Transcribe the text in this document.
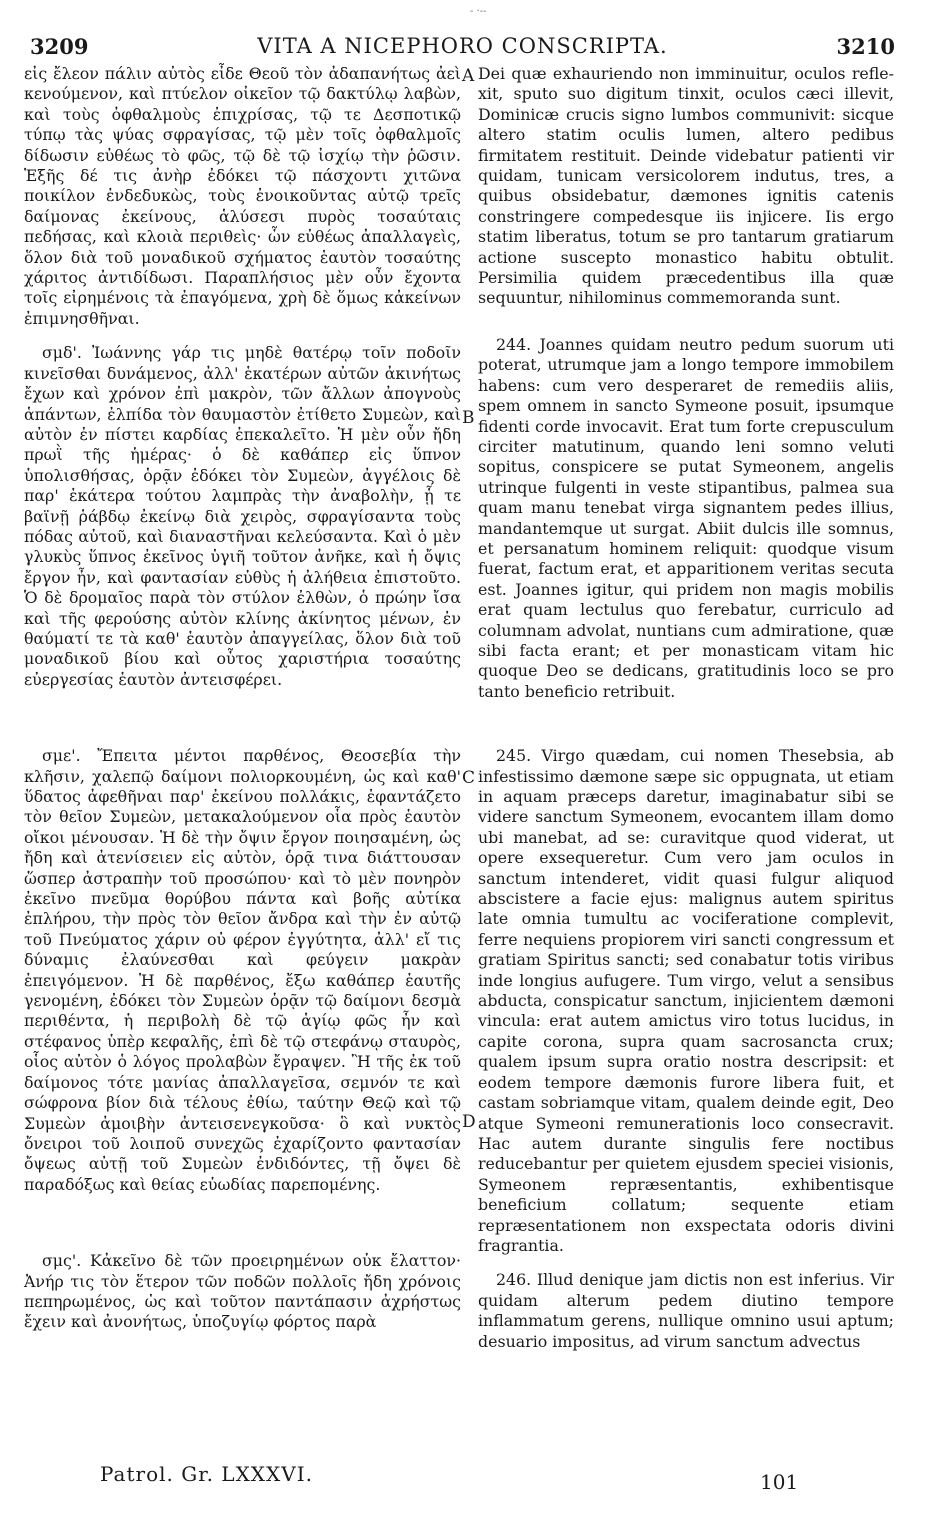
- ·--
3209	VITA A NICEPHORO CONSCRIPTA.	3210

εἰς ἔλεον πάλιν αὐτὸς εἶδε Θεοῦ τὸν ἀδαπανήτως ἀεὶ κενούμενον, καὶ πτύελον οἰκεῖον τῷ δακτύλῳ λαβὼν, καὶ τοὺς ὀφθαλμοὺς ἐπιχρίσας, τῷ τε Δεσποτικῷ τύπῳ τὰς ψύας σφραγίσας, τῷ μὲν τοῖς ὀφθαλμοῖς δίδωσιν εὐθέως τὸ φῶς, τῷ δὲ τῷ ἰσχίῳ τὴν ῥῶσιν. Ἑξῆς δέ τις ἀνὴρ ἐδόκει τῷ πάσχοντι χιτῶνα ποικίλον ἐνδεδυκὼς, τοὺς ἐνοικοῦντας αὐτῷ τρεῖς δαίμονας ἐκείνους, ἁλύσεσι πυρὸς τοσαύταις πεδήσας, καὶ κλοιὰ περιθεὶς· ὧν εὐθέως ἀπαλλαγεὶς, ὅλον διὰ τοῦ μοναδικοῦ σχήματος ἑαυτὸν τοσαύτης χάριτος ἀντιδίδωσι. Παραπλήσιος μὲν οὖν ἔχοντα τοῖς εἰρημένοις τὰ ἐπαγόμενα, χρὴ δὲ ὅμως κἀκείνων ἐπιμνησθῆναι.

σμδ'. Ἰωάννης γάρ τις μηδὲ θατέρῳ τοῖν ποδοῖν κινεῖσθαι δυνάμενος, ἀλλ' ἑκατέρων αὐτῶν ἀκινήτως ἔχων καὶ χρόνον ἐπὶ μακρὸν, τῶν ἄλλων ἀπογνοὺς ἁπάντων, ἐλπίδα τὸν θαυμαστὸν ἐτίθετο Συμεὼν, καὶ αὐτὸν ἐν πίστει καρδίας ἐπεκαλεῖτο. Ἡ μὲν οὖν ἤδη πρωῒ τῆς ἡμέρας· ὁ δὲ καθάπερ εἰς ὕπνον ὑπολισθήσας, ὁρᾷν ἐδόκει τὸν Συμεὼν, ἀγγέλοις δὲ παρ' ἑκάτερα τούτου λαμπρὰς τὴν ἀναβολὴν, ᾗ τε βαϊνῇ ῥάβδῳ ἐκείνῳ διὰ χειρὸς, σφραγίσαντα τοὺς πόδας αὐτοῦ, καὶ διαναστῆναι κελεύσαντα. Καὶ ὁ μὲν γλυκὺς ὕπνος ἐκεῖνος ὑγιῆ τοῦτον ἀνῆκε, καὶ ἡ ὄψις ἔργον ἦν, καὶ φαντασίαν εὐθὺς ἡ ἀλήθεια ἐπιστοῦτο. Ὁ δὲ δρομαῖος παρὰ τὸν στύλον ἐλθὼν, ὁ πρώην ἴσα καὶ τῆς φερούσης αὐτὸν κλίνης ἀκίνητος μένων, ἐν θαύματί τε τὰ καθ' ἑαυτὸν ἀπαγγείλας, ὅλον διὰ τοῦ μοναδικοῦ βίου καὶ οὗτος χαριστήρια τοσαύτης εὐεργεσίας ἑαυτὸν ἀντεισφέρει.

σμε'. Ἔπειτα μέντοι παρθένος, Θεοσεβία τὴν κλῆσιν, χαλεπῷ δαίμονι πολιορκουμένη, ὡς καὶ καθ' ὕδατος ἀφεθῆναι παρ' ἐκείνου πολλάκις, ἐφαντάζετο τὸν θεῖον Συμεὼν, μετακαλούμενον οἷα πρὸς ἑαυτὸν οἴκοι μένουσαν. Ἡ δὲ τὴν ὄψιν ἔργον ποιησαμένη, ὡς ἤδη καὶ ἀτενίσειεν εἰς αὐτὸν, ὁρᾷ τινα διάττουσαν ὥσπερ ἀστραπὴν τοῦ προσώπου· καὶ τὸ μὲν πονηρὸν ἐκεῖνο πνεῦμα θορύβου πάντα καὶ βοῆς αὐτίκα ἐπλήρου, τὴν πρὸς τὸν θεῖον ἄνδρα καὶ τὴν ἐν αὐτῷ τοῦ Πνεύματος χάριν οὐ φέρον ἐγγύτητα, ἀλλ' εἴ τις δύναμις ἐλαύνεσθαι καὶ φεύγειν μακρὰν ἐπειγόμενον. Ἡ δὲ παρθένος, ἔξω καθάπερ ἑαυτῆς γενομένη, ἐδόκει τὸν Συμεὼν ὁρᾷν τῷ δαίμονι δεσμὰ περιθέντα, ἡ περιβολὴ δὲ τῷ ἁγίῳ φῶς ἦν καὶ στέφανος ὑπὲρ κεφαλῆς, ἐπὶ δὲ τῷ στεφάνῳ σταυρὸς, οἷος αὐτὸν ὁ λόγος προλαβὼν ἔγραψεν. Ἢ τῆς ἐκ τοῦ δαίμονος τότε μανίας ἀπαλλαγεῖσα, σεμνόν τε καὶ σώφρονα βίον διὰ τέλους ἐθίω, ταύτην Θεῷ καὶ τῷ Συμεὼν ἀμοιβὴν ἀντεισενεγκοῦσα· ὃ καὶ νυκτὸς ὄνειροι τοῦ λοιποῦ συνεχῶς ἐχαρίζοντο φαντασίαν ὄψεως αὐτῇ τοῦ Συμεὼν ἐνδιδόντες, τῇ ὄψει δὲ παραδόξως καὶ θείας εὐωδίας παρεπομένης.

σμς'. Κἀκεῖνο δὲ τῶν προειρημένων οὐκ ἔλαττον· Ἀνήρ τις τὸν ἕτερον τῶν ποδῶν πολλοῖς ἤδη χρόνοις πεπηρωμένος, ὡς καὶ τοῦτον παντάπασιν ἀχρήστως ἔχειν καὶ ἀνονήτως, ὑποζυγίῳ φόρτος παρὰ

A
B
C
D

Dei quæ exhauriendo non imminuitur, oculos refle-xit, sputo suo digitum tinxit, oculos cæci illevit, Dominicæ crucis signo lumbos communivit: sicque altero statim oculis lumen, altero pedibus firmitatem restituit. Deinde videbatur patienti vir quidam, tunicam versicolorem indutus, tres, a quibus obsidebatur, dæmones ignitis catenis constringere compedesque iis injicere. Iis ergo statim liberatus, totum se pro tantarum gratiarum actione suscepto monastico habitu obtulit. Persimilia quidem præcedentibus illa quæ sequuntur, nihilominus commemoranda sunt.

244. Joannes quidam neutro pedum suorum uti poterat, utrumque jam a longo tempore immobilem habens: cum vero desperaret de remediis aliis, spem omnem in sancto Symeone posuit, ipsumque fidenti corde invocavit. Erat tum forte crepusculum circiter matutinum, quando leni somno veluti sopitus, conspicere se putat Symeonem, angelis utrinque fulgenti in veste stipantibus, palmea sua quam manu tenebat virga signantem pedes illius, mandantemque ut surgat. Abiit dulcis ille somnus, et persanatum hominem reliquit: quodque visum fuerat, factum erat, et apparitionem veritas secuta est. Joannes igitur, qui pridem non magis mobilis erat quam lectulus quo ferebatur, curriculo ad columnam advolat, nuntians cum admiratione, quæ sibi facta erant; et per monasticam vitam hic quoque Deo se dedicans, gratitudinis loco se pro tanto beneficio retribuit.

245. Virgo quædam, cui nomen Thesebsia, ab infestissimo dæmone sæpe sic oppugnata, ut etiam in aquam præceps daretur, imaginabatur sibi se videre sanctum Symeonem, evocantem illam domo ubi manebat, ad se: curavitque quod viderat, ut opere exsequeretur. Cum vero jam oculos in sanctum intenderet, vidit quasi fulgur aliquod abscistere a facie ejus: malignus autem spiritus late omnia tumultu ac vociferatione complevit, ferre nequiens propiorem viri sancti congressum et gratiam Spiritus sancti; sed conabatur totis viribus inde longius aufugere. Tum virgo, velut a sensibus abducta, conspicatur sanctum, injicientem dæmoni vincula: erat autem amictus viro totus lucidus, in capite corona, supra quam sacrosancta crux; qualem ipsum supra oratio nostra descripsit: et eodem tempore dæmonis furore libera fuit, et castam sobriamque vitam, qualem deinde egit, Deo atque Symeoni remunerationis loco consecravit. Hac autem durante singulis fere noctibus reducebantur per quietem ejusdem speciei visionis, Symeonem repræsentantis, exhibentisque beneficium collatum; sequente etiam repræsentationem non exspectata odoris divini fragrantia.

246. Illud denique jam dictis non est inferius. Vir quidam alterum pedem diutino tempore inflammatum gerens, nullique omnino usui aptum; desuario impositus, ad virum sanctum advectus

Patrol. Gr. LXXXVI.	101
